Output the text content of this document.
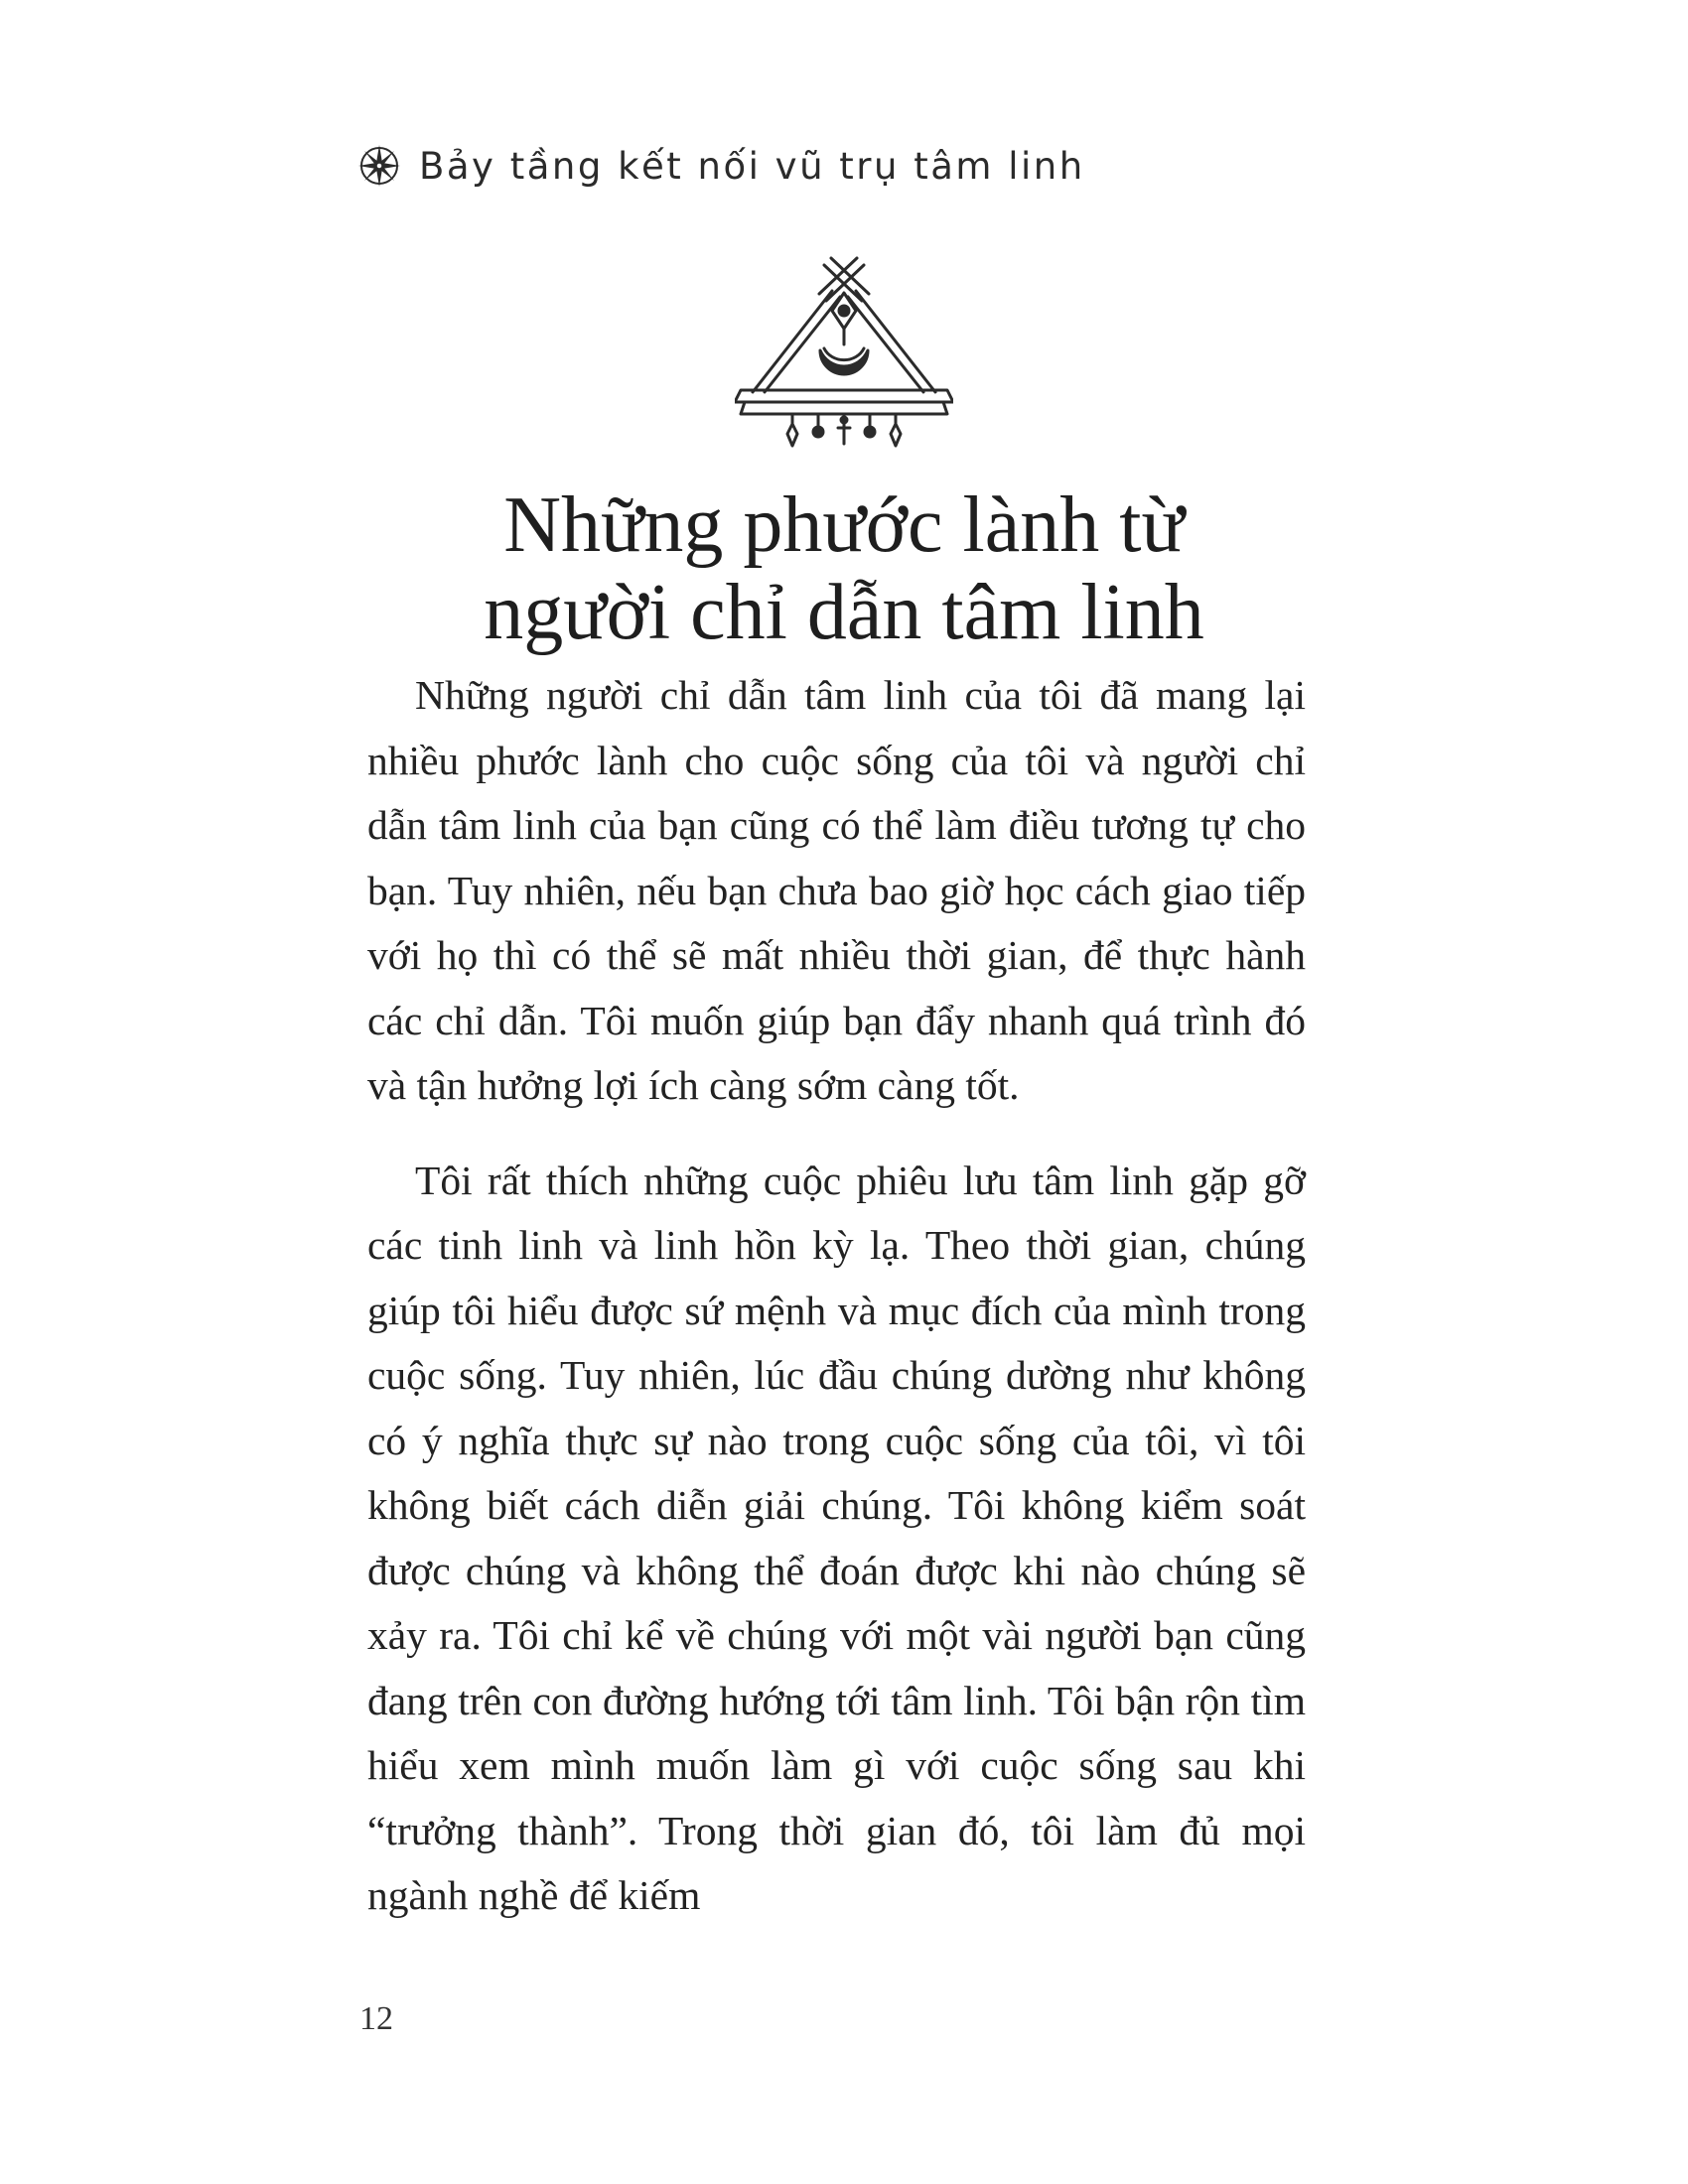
Bảy tầng kết nối vũ trụ tâm linh
Những phước lành từ
người chỉ dẫn tâm linh

Những người chỉ dẫn tâm linh của tôi đã mang lại nhiều phước lành cho cuộc sống của tôi và người chỉ dẫn tâm linh của bạn cũng có thể làm điều tương tự cho bạn. Tuy nhiên, nếu bạn chưa bao giờ học cách giao tiếp với họ thì có thể sẽ mất nhiều thời gian, để thực hành các chỉ dẫn. Tôi muốn giúp bạn đẩy nhanh quá trình đó và tận hưởng lợi ích càng sớm càng tốt.

Tôi rất thích những cuộc phiêu lưu tâm linh gặp gỡ các tinh linh và linh hồn kỳ lạ. Theo thời gian, chúng giúp tôi hiểu được sứ mệnh và mục đích của mình trong cuộc sống. Tuy nhiên, lúc đầu chúng dường như không có ý nghĩa thực sự nào trong cuộc sống của tôi, vì tôi không biết cách diễn giải chúng. Tôi không kiểm soát được chúng và không thể đoán được khi nào chúng sẽ xảy ra. Tôi chỉ kể về chúng với một vài người bạn cũng đang trên con đường hướng tới tâm linh. Tôi bận rộn tìm hiểu xem mình muốn làm gì với cuộc sống sau khi “trưởng thành”. Trong thời gian đó, tôi làm đủ mọi ngành nghề để kiếm

12
